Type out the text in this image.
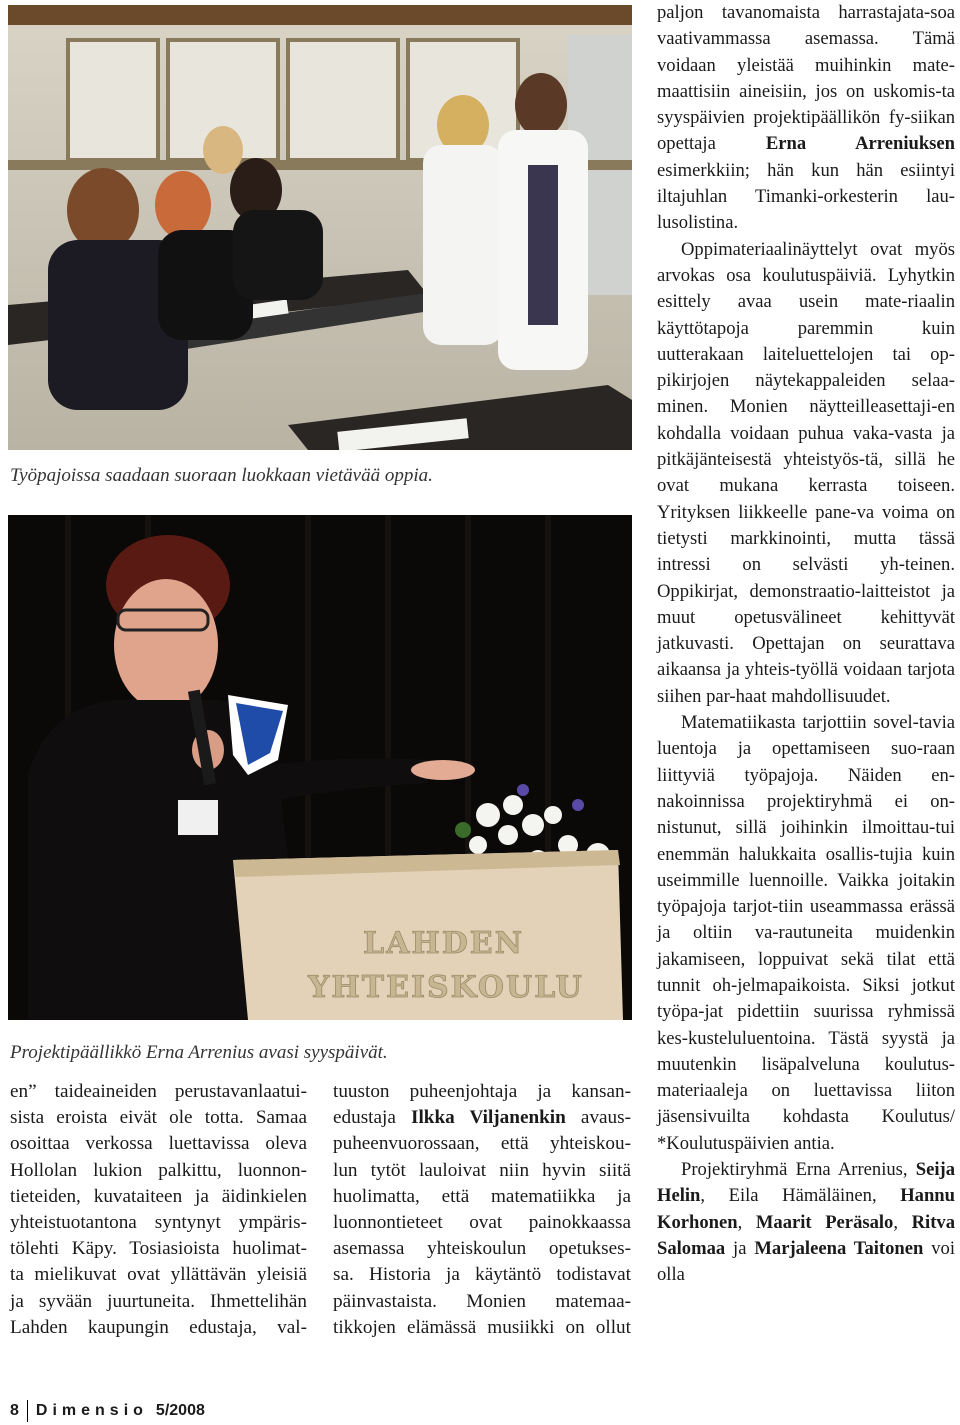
Työpajoissa saadaan suoraan luokkaan vietävää oppia.
LAHDEN
YHTEISKOULU
Projektipäällikkö Erna Arrenius avasi syyspäivät.
en” taideaineiden perustavanlaatui-
sista eroista eivät ole totta. Samaa
osoittaa verkossa luettavissa oleva
Hollolan lukion palkittu, luonnon-
tieteiden, kuvataiteen ja äidinkielen
yhteistuotantona syntynyt ympäris-
tölehti Käpy. Tosiasioista huolimat-
ta mielikuvat ovat yllättävän yleisiä
ja syvään juurtuneita. Ihmettelihän
Lahden kaupungin edustaja, val-
tuuston puheenjohtaja ja kansan-
edustaja Ilkka Viljanenkin avaus-
puheenvuorossaan, että yhteiskou-
lun tytöt lauloivat niin hyvin siitä
huolimatta, että matematiikka ja
luonnontieteet ovat painokkaassa
asemassa yhteiskoulun opetukses-
sa. Historia ja käytäntö todistavat
päinvastaista. Monien matemaa-
tikkojen elämässä musiikki on ollut

paljon tavanomaista harrastajata-soa vaativammassa asemassa. Tämä voidaan yleistää muihinkin mate-maattisiin aineisiin, jos on uskomis-ta syyspäivien projektipäällikön fy-siikan opettaja Erna Arreniuksen esimerkkiin; hän kun hän esiintyi iltajuhlan Timanki-orkesterin lau-lusolistina.

Oppimateriaalinäyttelyt ovat myös arvokas osa koulutuspäiviä. Lyhytkin esittely avaa usein mate-riaalin käyttötapoja paremmin kuin uutterakaan laiteluettelojen tai op-pikirjojen näytekappaleiden selaa-minen. Monien näytteilleasettaji-en kohdalla voidaan puhua vaka-vasta ja pitkäjänteisestä yhteistyös-tä, sillä he ovat mukana kerrasta toiseen. Yrityksen liikkeelle pane-va voima on tietysti markkinointi, mutta tässä intressi on selvästi yh-teinen. Oppikirjat, demonstraatio-laitteistot ja muut opetusvälineet kehittyvät jatkuvasti. Opettajan on seurattava aikaansa ja yhteis-työllä voidaan tarjota siihen par-haat mahdollisuudet.

Matematiikasta tarjottiin sovel-tavia luentoja ja opettamiseen suo-raan liittyviä työpajoja. Näiden en-nakoinnissa projektiryhmä ei on-nistunut, sillä joihinkin ilmoittau-tui enemmän halukkaita osallis-tujia kuin useimmille luennoille. Vaikka joitakin työpajoja tarjot-tiin useammassa erässä ja oltiin va-rautuneita muidenkin jakamiseen, loppuivat sekä tilat että tunnit oh-jelmapaikoista. Siksi jotkut työpa-jat pidettiin suurissa ryhmissä kes-kusteluluentoina. Tästä syystä ja muutenkin lisäpalveluna koulutus-materiaaleja on luettavissa liiton jäsensivuilta kohdasta Koulutus/ *Koulutuspäivien antia.

Projektiryhmä Erna Arrenius, Seija Helin, Eila Hämäläinen, Hannu Korhonen, Maarit Peräsalo, Ritva Salomaa ja Marjaleena Taitonen voi olla

8 Dimensio 5/2008
